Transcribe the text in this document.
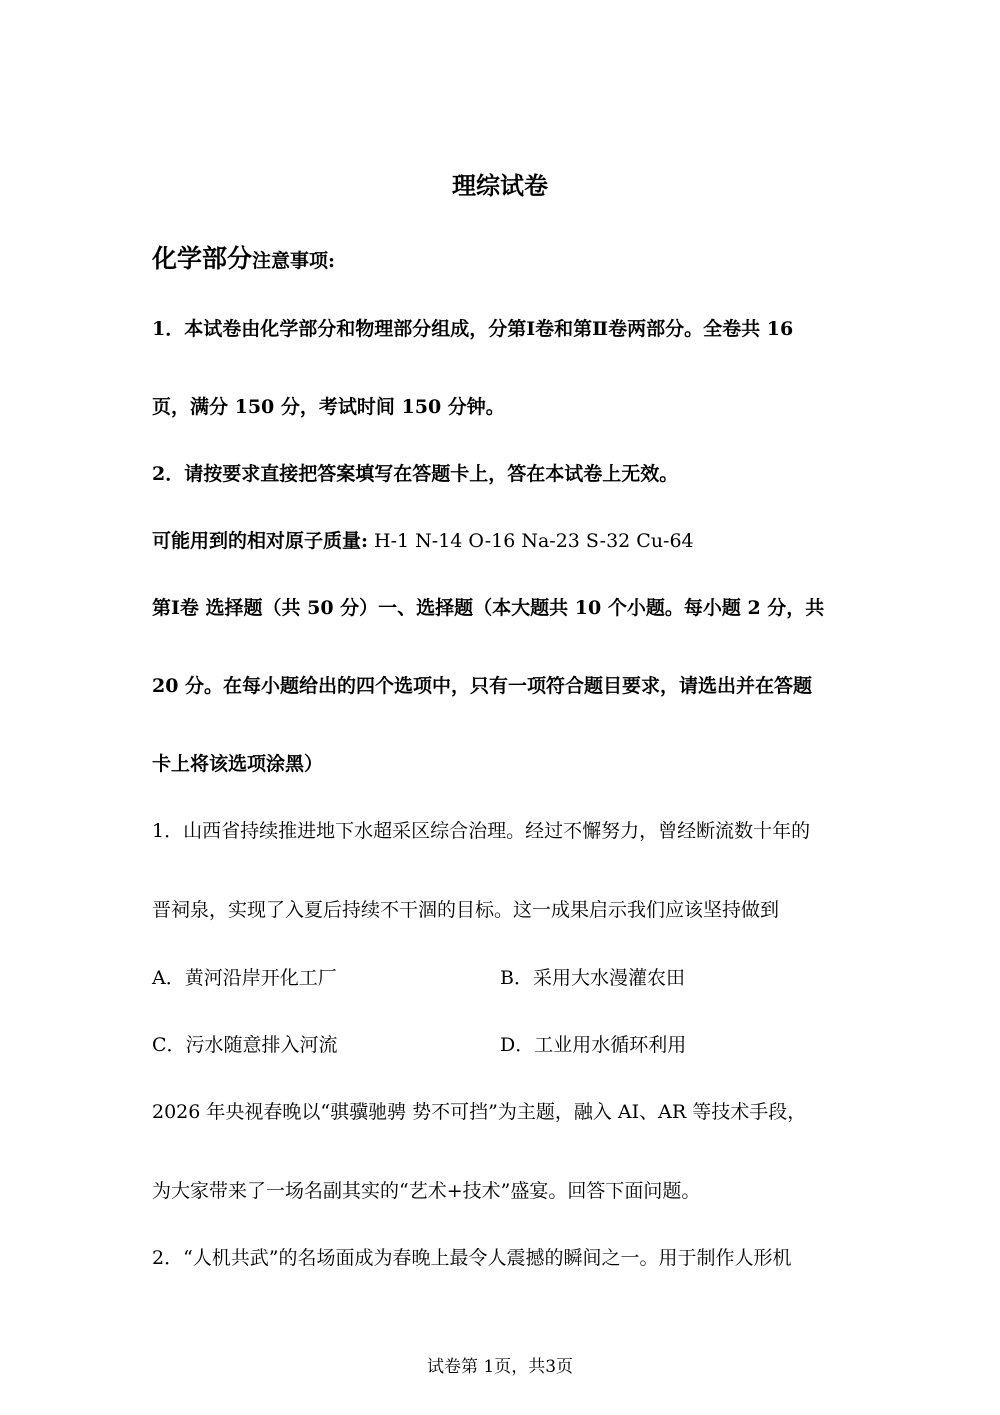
理综试卷
化学部分注意事项:
1．本试卷由化学部分和物理部分组成，分第Ⅰ卷和第Ⅱ卷两部分。全卷共 16
页，满分 150 分，考试时间 150 分钟。
2．请按要求直接把答案填写在答题卡上，答在本试卷上无效。
可能用到的相对原子质量: H-1 N-14 O-16 Na-23 S-32 Cu-64
第Ⅰ卷 选择题（共 50 分）一、选择题（本大题共 10 个小题。每小题 2 分，共
20 分。在每小题给出的四个选项中，只有一项符合题目要求，请选出并在答题
卡上将该选项涂黑）
1．山西省持续推进地下水超采区综合治理。经过不懈努力，曾经断流数十年的
晋祠泉，实现了入夏后持续不干涸的目标。这一成果启示我们应该坚持做到
A．黄河沿岸开化工厂	B．采用大水漫灌农田
C．污水随意排入河流	D．工业用水循环利用
2026 年央视春晚以“骐骥驰骋 势不可挡”为主题，融入 AI、AR 等技术手段，
为大家带来了一场名副其实的“艺术+技术”盛宴。回答下面问题。
2．“人机共武”的名场面成为春晚上最令人震撼的瞬间之一。用于制作人形机
试卷第 1页，共3页
